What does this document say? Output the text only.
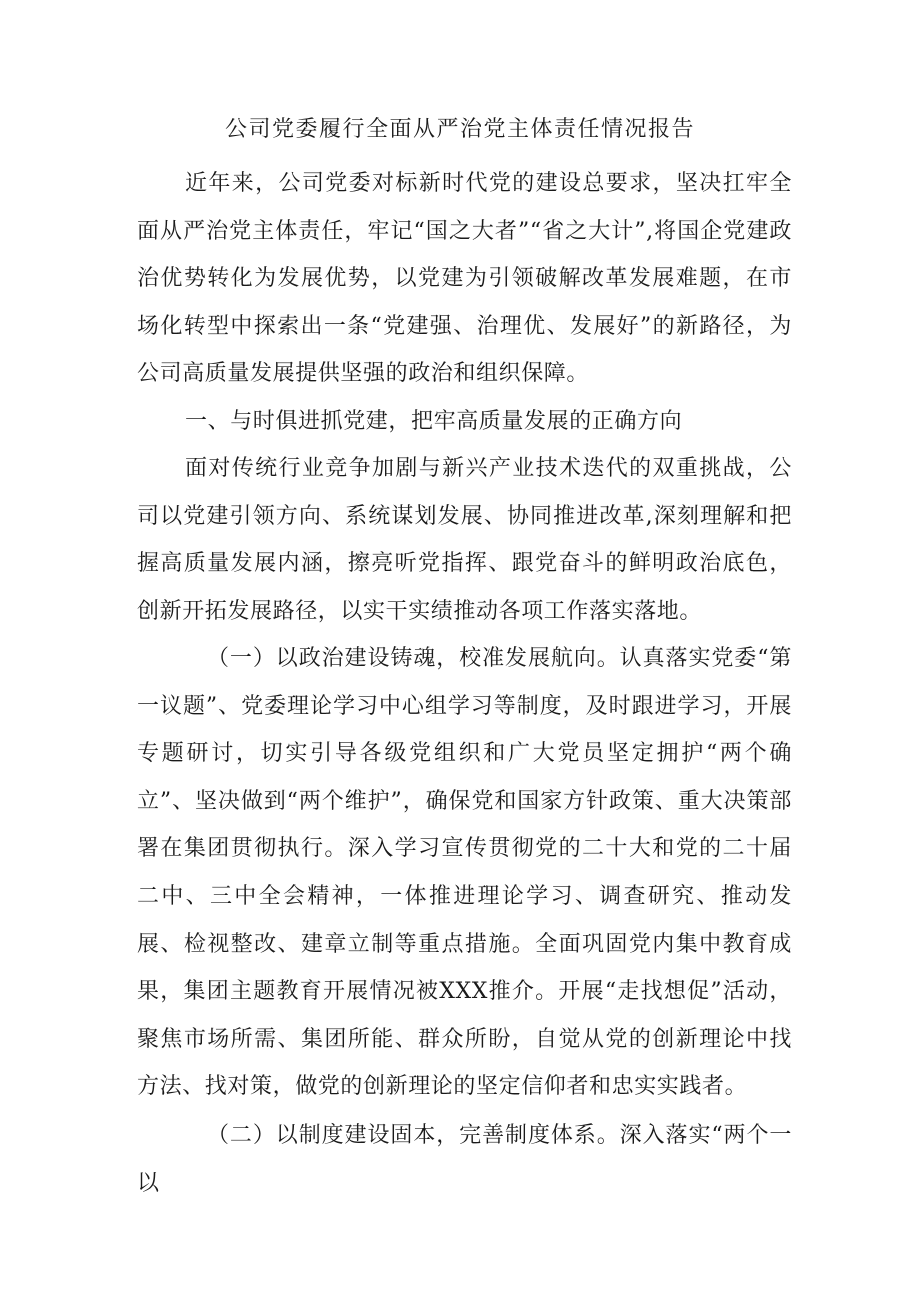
公司党委履行全面从严治党主体责任情况报告

近年来，公司党委对标新时代党的建设总要求，坚决扛牢全面从严治党主体责任，牢记“国之大者”“省之大计”,将国企党建政治优势转化为发展优势，以党建为引领破解改革发展难题，在市场化转型中探索出一条“党建强、治理优、发展好”的新路径，为公司高质量发展提供坚强的政治和组织保障。

一、与时俱进抓党建，把牢高质量发展的正确方向

面对传统行业竞争加剧与新兴产业技术迭代的双重挑战，公司以党建引领方向、系统谋划发展、协同推进改革,深刻理解和把握高质量发展内涵，擦亮听党指挥、跟党奋斗的鲜明政治底色，创新开拓发展路径，以实干实绩推动各项工作落实落地。

（一）以政治建设铸魂，校准发展航向。认真落实党委“第一议题”、党委理论学习中心组学习等制度，及时跟进学习，开展专题研讨，切实引导各级党组织和广大党员坚定拥护“两个确立”、坚决做到“两个维护”，确保党和国家方针政策、重大决策部署在集团贯彻执行。深入学习宣传贯彻党的二十大和党的二十届二中、三中全会精神，一体推进理论学习、调查研究、推动发展、检视整改、建章立制等重点措施。全面巩固党内集中教育成果，集团主题教育开展情况被XXX推介。开展“走找想促”活动，聚焦市场所需、集团所能、群众所盼，自觉从党的创新理论中找方法、找对策，做党的创新理论的坚定信仰者和忠实实践者。

（二）以制度建设固本，完善制度体系。深入落实“两个一以
